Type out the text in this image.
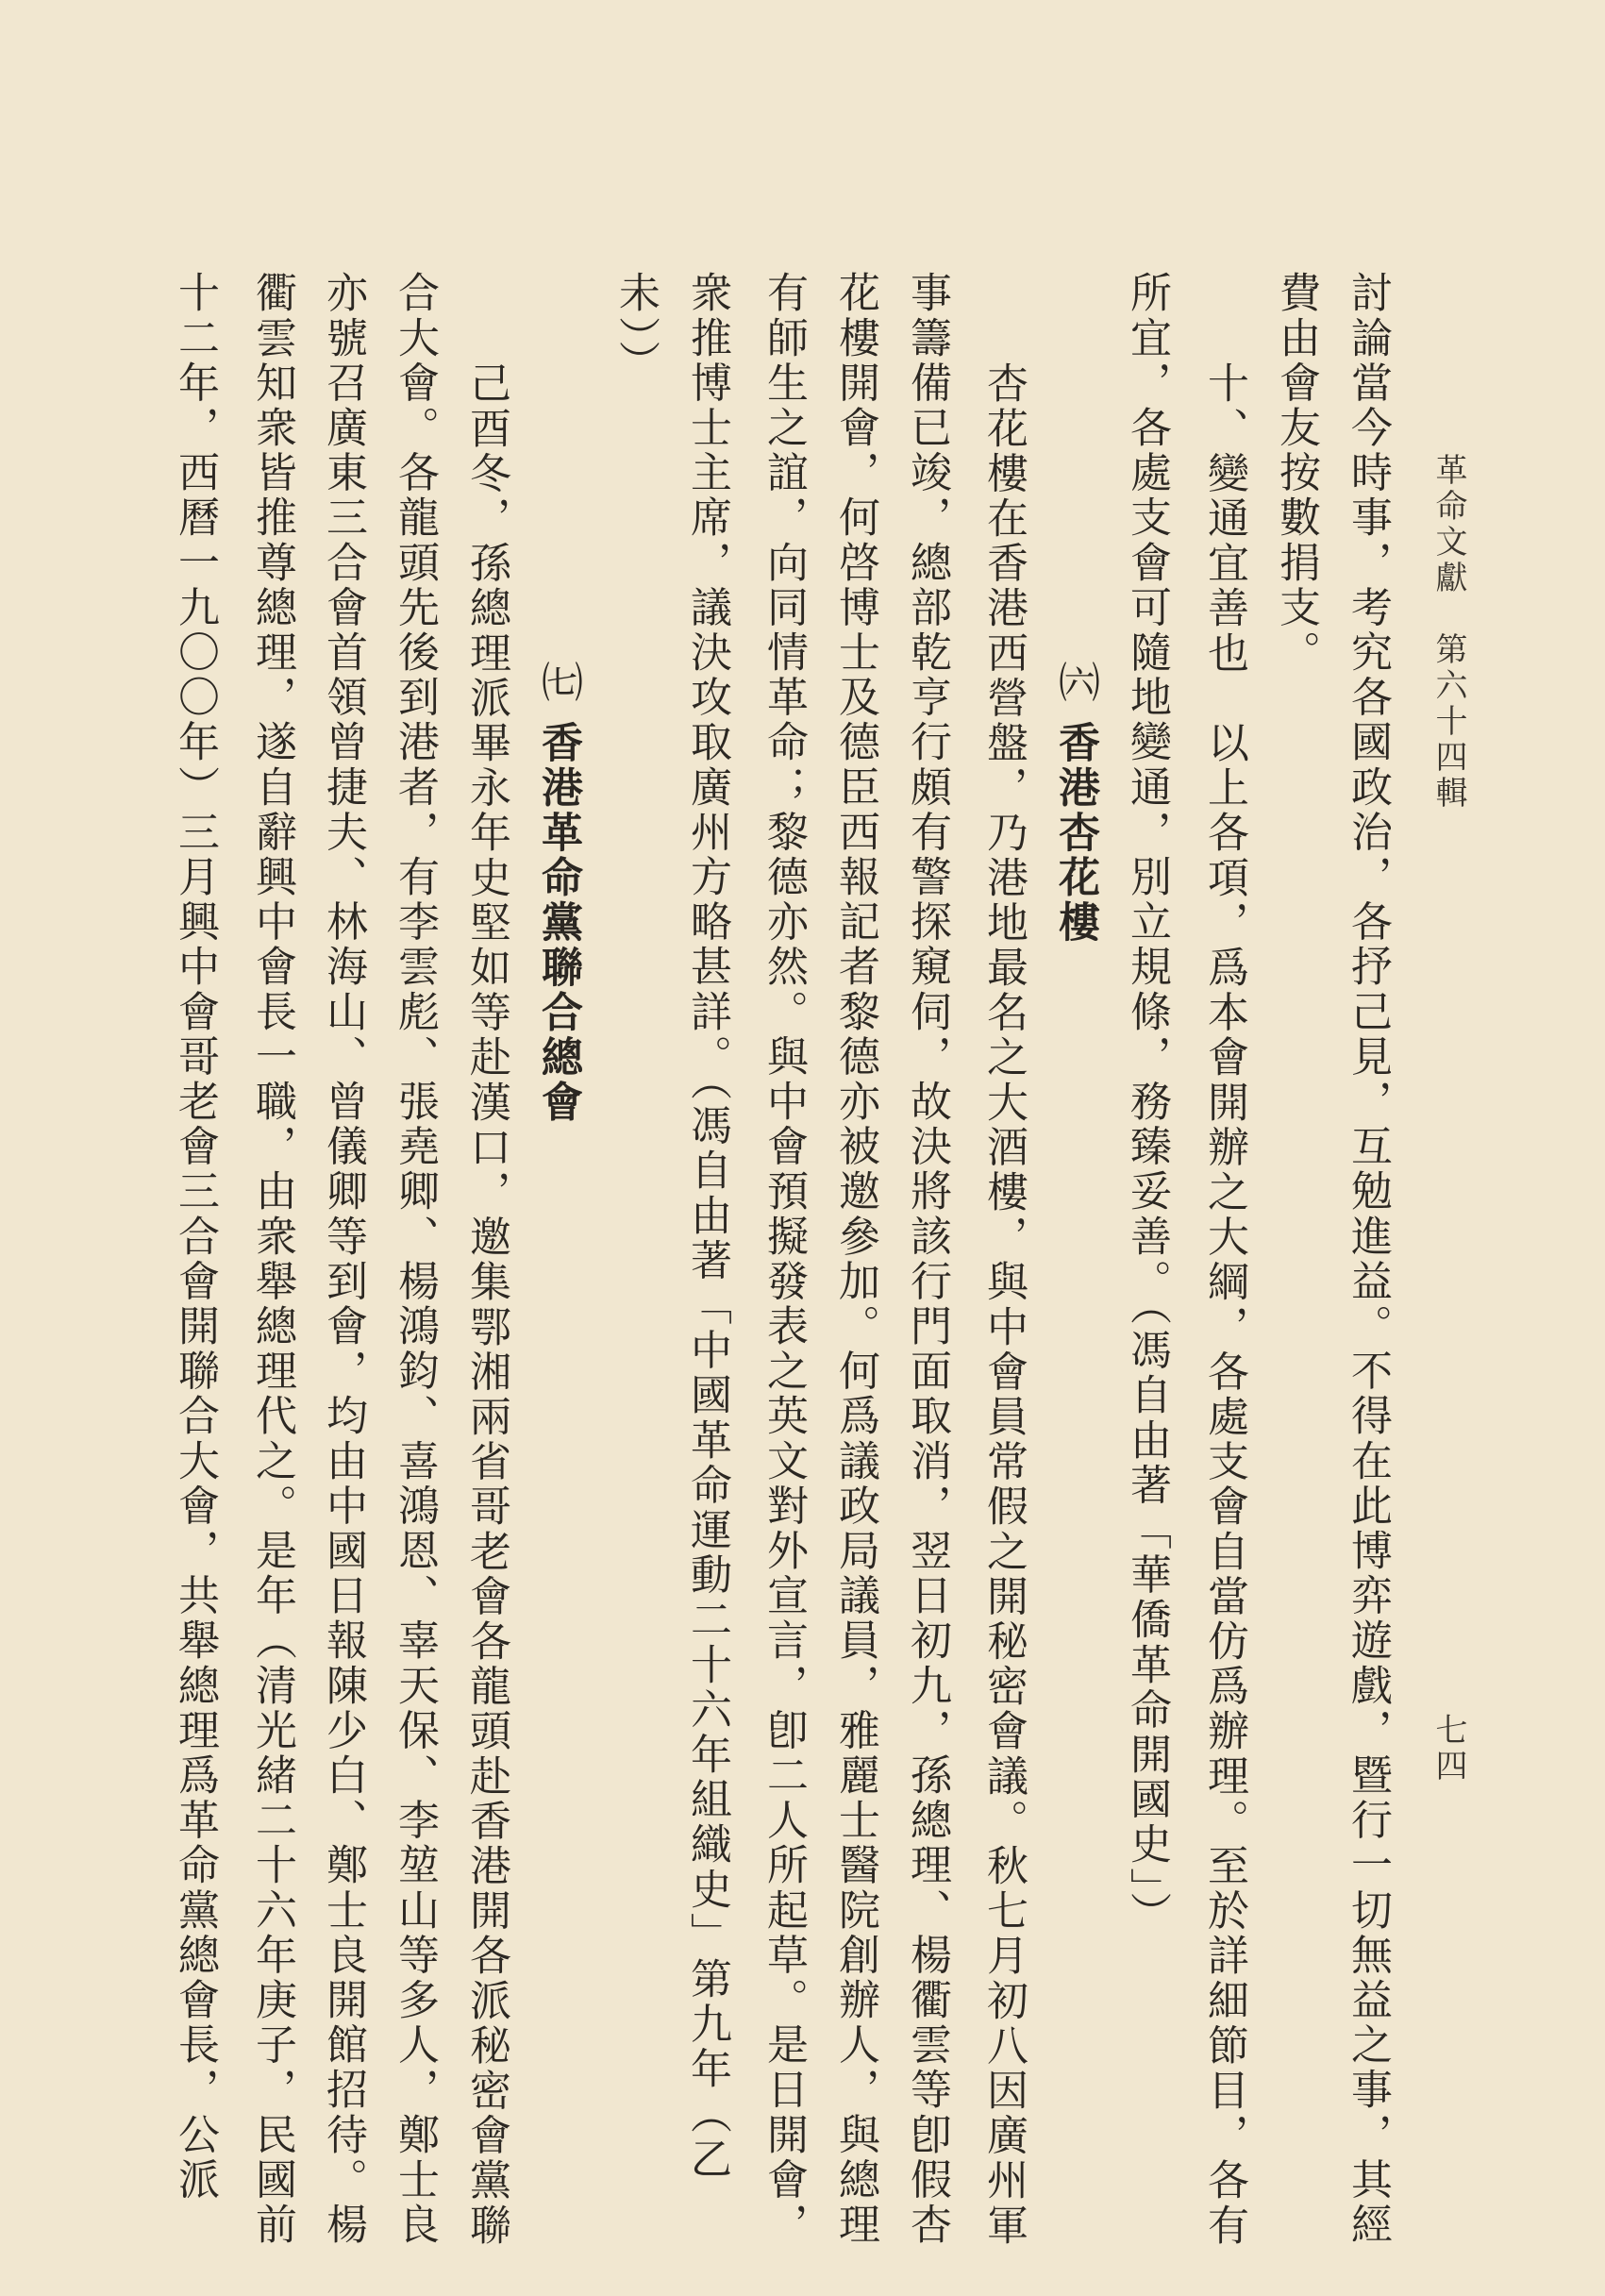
革命文獻　第六十四輯
七四
討論當今時事，考究各國政治，各抒己見，互勉進益。不得在此博弈遊戲，暨行一切無益之事，其經
費由會友按數捐支。
十、變通宜善也　以上各項，爲本會開辦之大綱，各處支會自當仿爲辦理。至於詳細節目，各有
所宜，各處支會可隨地變通，別立規條，務臻妥善。（馮自由著「華僑革命開國史」）
㈥香港杏花樓
杏花樓在香港西營盤，乃港地最名之大酒樓，與中會員常假之開秘密會議。秋七月初八因廣州軍
事籌備已竣，總部乾亨行頗有警探窺伺，故決將該行門面取消，翌日初九，孫總理、楊衢雲等卽假杏
花樓開會，何啓博士及德臣西報記者黎德亦被邀參加。何爲議政局議員，雅麗士醫院創辦人，與總理
有師生之誼，向同情革命；黎德亦然。與中會預擬發表之英文對外宣言，卽二人所起草。是日開會，
衆推博士主席，議決攻取廣州方略甚詳。（馮自由著「中國革命運動二十六年組織史」第九年（乙
未））
㈦香港革命黨聯合總會
己酉冬，孫總理派畢永年史堅如等赴漢口，邀集鄂湘兩省哥老會各龍頭赴香港開各派秘密會黨聯
合大會。各龍頭先後到港者，有李雲彪、張堯卿、楊鴻鈞、喜鴻恩、辜天保、李堃山等多人，鄭士良
亦號召廣東三合會首領曾捷夫、林海山、曾儀卿等到會，均由中國日報陳少白、鄭士良開館招待。楊
衢雲知衆皆推尊總理，遂自辭興中會長一職，由衆舉總理代之。是年（清光緒二十六年庚子，民國前
十二年，西曆一九〇〇年）三月興中會哥老會三合會開聯合大會，共舉總理爲革命黨總會長，公派
